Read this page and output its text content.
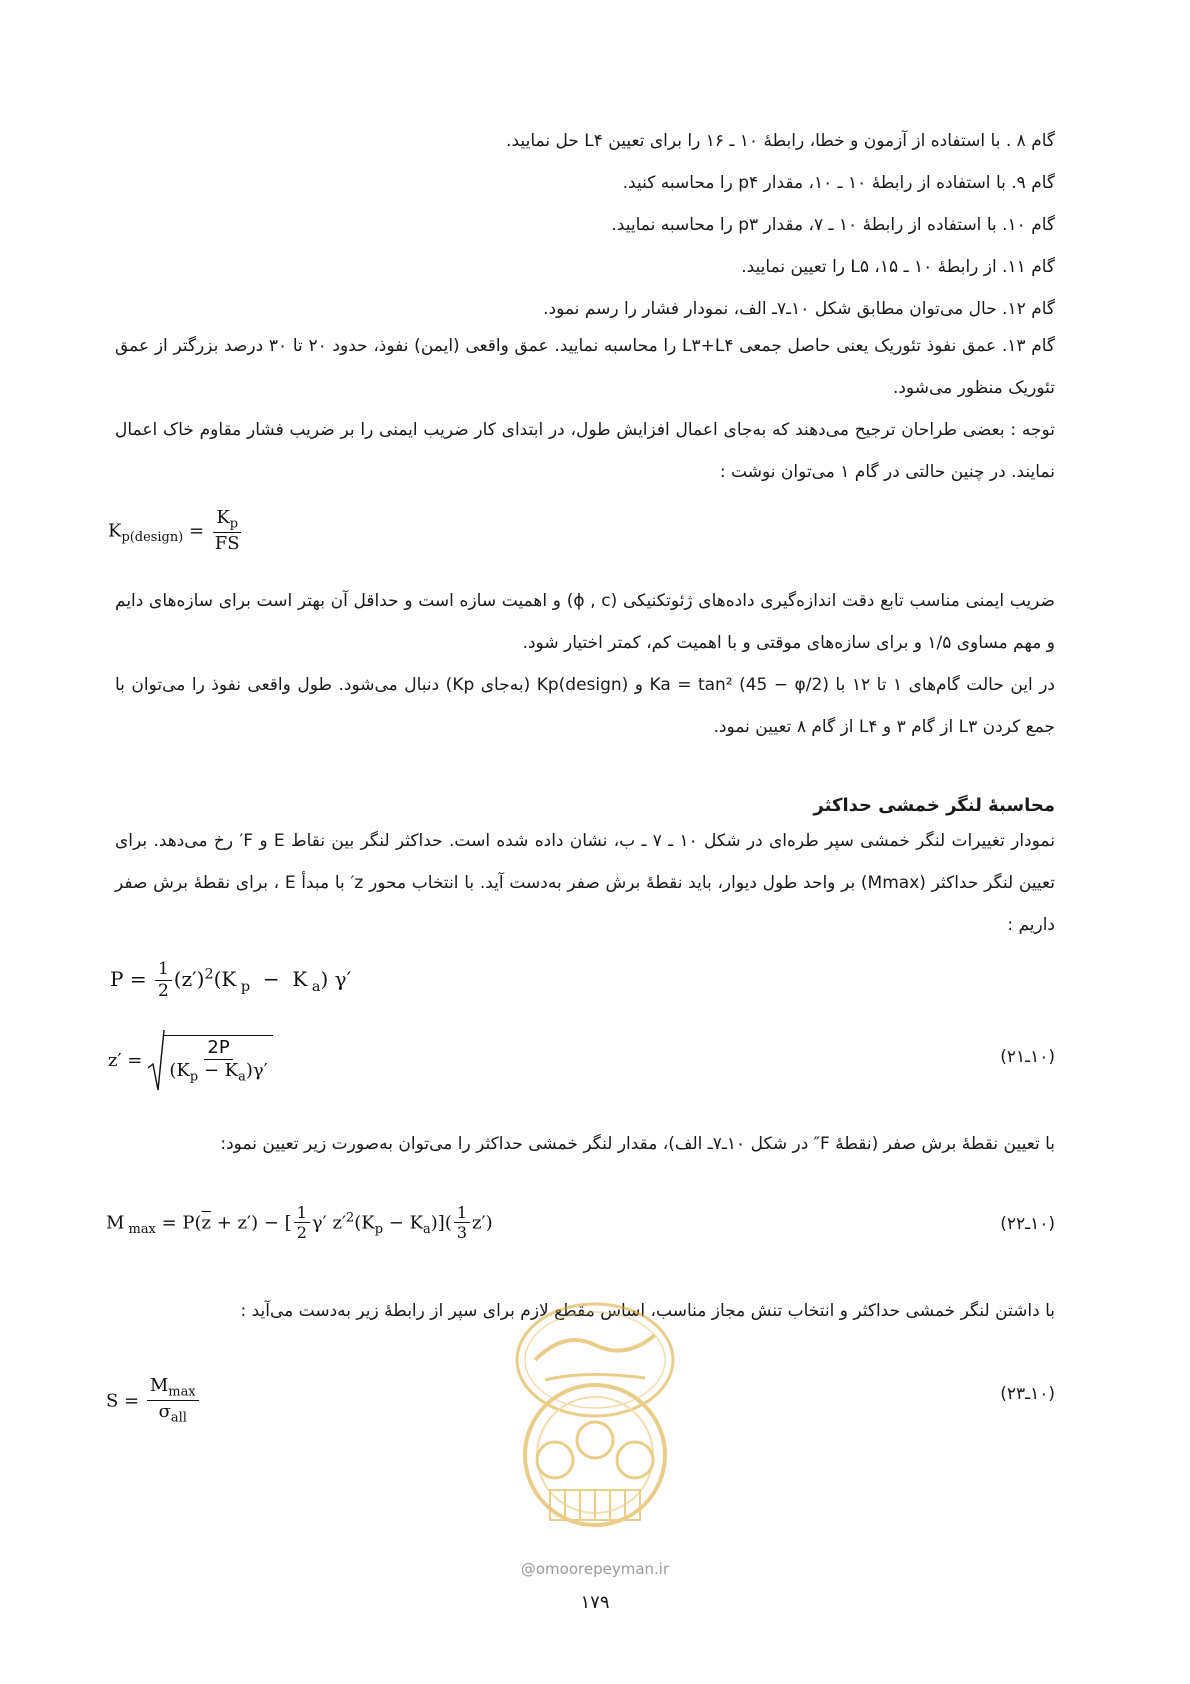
گام ۸ . با استفاده از آزمون و خطا، رابطهٔ ۱۰ ـ ۱۶ را برای تعیین L۴ حل نمایید.
گام ۹. با استفاده از رابطهٔ ۱۰ ـ ۱۰، مقدار p۴ را محاسبه کنید.
گام ۱۰. با استفاده از رابطهٔ ۱۰ ـ ۷، مقدار p۳ را محاسبه نمایید.
گام ۱۱. از رابطهٔ ۱۰ ـ ۱۵، L۵ را تعیین نمایید.
گام ۱۲. حال می‌توان مطابق شکل ۱۰ـ۷ـ الف، نمودار فشار را رسم نمود.
گام ۱۳. عمق نفوذ تئوریک یعنی حاصل جمعی L۳+L۴ را محاسبه نمایید. عمق واقعی (ایمن) نفوذ، حدود ۲۰ تا ۳۰ درصد بزرگتر از عمق تئوریک منظور می‌شود.
توجه : بعضی طراحان ترجیح می‌دهند که به‌جای اعمال افزایش طول، در ابتدای کار ضریب ایمنی را بر ضریب فشار مقاوم خاک اعمال نمایند. در چنین حالتی در گام ۱ می‌توان نوشت :
$K_{p(design)} = \frac{K_p}{FS}$
ضریب ایمنی مناسب تابع دقت اندازه‌گیری داده‌های ژئوتکنیکی (ϕ , c) و اهمیت سازه است و حداقل آن بهتر است برای سازه‌های دایم و مهم مساوی ۱/۵ و برای سازه‌های موقتی و با اهمیت کم، کمتر اختیار شود.
در این حالت گام‌های ۱ تا ۱۲ با Ka = tan² (45 − φ/2) و Kp(design) (به‌جای Kp) دنبال می‌شود. طول واقعی نفوذ را می‌توان با جمع کردن L۳ از گام ۳ و L۴ از گام ۸ تعیین نمود.
محاسبهٔ لنگر خمشی حداکثر
نمودار تغییرات لنگر خمشی سپر طره‌ای در شکل ۱۰ ـ ۷ ـ ب، نشان داده شده است. حداکثر لنگر بین نقاط E و F′ رخ می‌دهد. برای تعیین لنگر حداکثر (Mmax) بر واحد طول دیوار، باید نقطهٔ برش صفر به‌دست آید. با انتخاب محور z′ با مبدأ E ، برای نقطهٔ برش صفر داریم :
$P = \frac{1}{2} (z')^2(K$ $_p$  −  K $_a$) γ′
$z' = \frac{2P}{(K_p - K_a)\gamma'}$	(۱۰ـ۲۱)
با تعیین نقطهٔ برش صفر (نقطهٔ F″ در شکل ۱۰ـ۷ـ الف)، مقدار لنگر خمشی حداکثر را می‌توان به‌صورت زیر تعیین نمود:
M $_{max} = P(\overline{z} + z')$ − [ $\frac{1}{2} \gamma'$ $z'^2(K_p - K_a)]( \frac{1}{3} z')$	(۱۰ـ۲۲)
با داشتن لنگر خمشی حداکثر و انتخاب تنش مجاز مناسب، اساس مقطع لازم برای سپر از رابطهٔ زیر به‌دست می‌آید :
$S = \frac{M_{max}}{\sigma_{all}}$	(۱۰ـ۲۳)
@omoorepeyman.ir
۱۷۹
